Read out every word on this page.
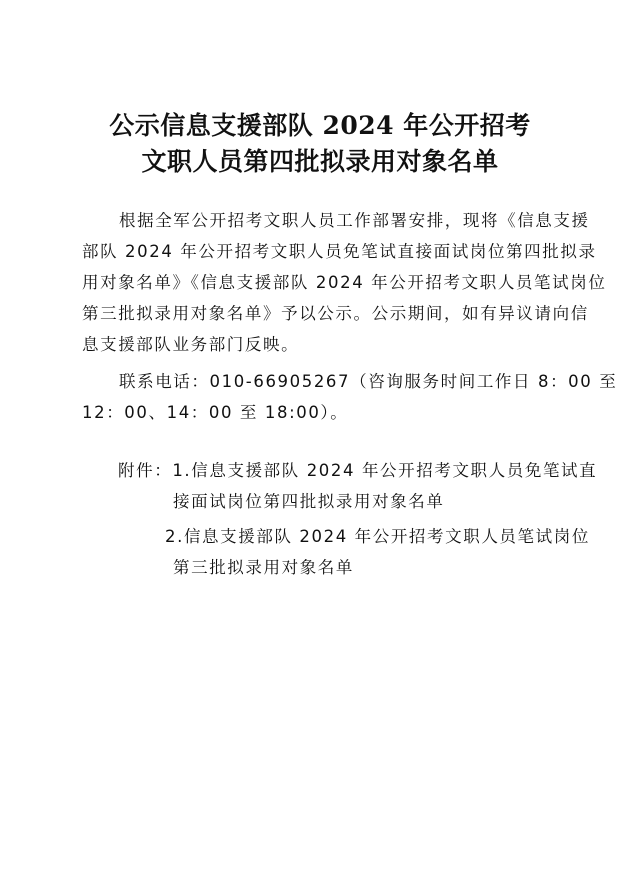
公示信息支援部队 2024 年公开招考
文职人员第四批拟录用对象名单
根据全军公开招考文职人员工作部署安排，现将《信息支援
部队 2024 年公开招考文职人员免笔试直接面试岗位第四批拟录
用对象名单》《信息支援部队 2024 年公开招考文职人员笔试岗位
第三批拟录用对象名单》予以公示。公示期间，如有异议请向信
息支援部队业务部门反映。
联系电话：010-66905267（咨询服务时间工作日 8：00 至
12：00、14：00 至 18:00）。
附件：1.信息支援部队 2024 年公开招考文职人员免笔试直
接面试岗位第四批拟录用对象名单
2.信息支援部队 2024 年公开招考文职人员笔试岗位
第三批拟录用对象名单
